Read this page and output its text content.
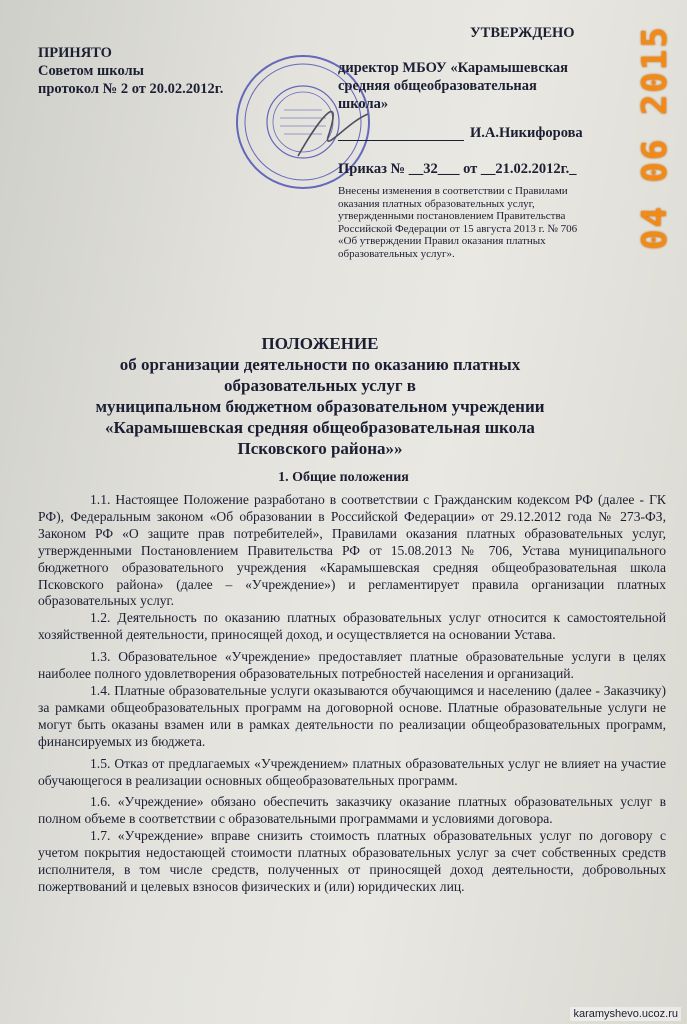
ПРИНЯТО
Советом школы
протокол № 2 от 20.02.2012г.
УТВЕРЖДЕНО
директор МБОУ «Карамышевская
средняя общеобразовательная
школа»
И.А.Никифорова
Приказ № __32___ от __21.02.2012г._
Внесены изменения в соответствии с Правилами
оказания платных образовательных услуг,
утвержденными постановлением Правительства
Российской Федерации от 15 августа 2013 г. № 706
«Об утверждении Правил оказания платных
образовательных услуг».
ПОЛОЖЕНИЕ
об организации деятельности по оказанию платных
образовательных услуг в
муниципальном бюджетном образовательном учреждении
«Карамышевская средняя общеобразовательная школа
Псковского района»»
1. Общие положения

1.1. Настоящее Положение разработано в соответствии с Гражданским кодексом РФ (далее - ГК РФ), Федеральным законом «Об образовании в Российской Федерации» от 29.12.2012 года № 273-ФЗ, Законом РФ «О защите прав потребителей», Правилами оказания платных образовательных услуг, утвержденными Постановлением Правительства РФ от 15.08.2013 № 706, Устава муниципального бюджетного образовательного учреждения «Карамышевская средняя общеобразовательная школа Псковского района» (далее – «Учреждение») и регламентирует правила организации платных образовательных услуг.

1.2. Деятельность по оказанию платных образовательных услуг относится к самостоятельной хозяйственной деятельности, приносящей доход, и осуществляется на основании Устава.

1.3. Образовательное «Учреждение» предоставляет платные образовательные услуги в целях наиболее полного удовлетворения образовательных потребностей населения и организаций.

1.4. Платные образовательные услуги оказываются обучающимся и населению (далее - Заказчику) за рамками общеобразовательных программ на договорной основе. Платные образовательные услуги не могут быть оказаны взамен или в рамках деятельности по реализации общеобразовательных программ, финансируемых из бюджета.

1.5. Отказ от предлагаемых «Учреждением» платных образовательных услуг не влияет на участие обучающегося в реализации основных общеобразовательных программ.

1.6. «Учреждение» обязано обеспечить заказчику оказание платных образовательных услуг в полном объеме в соответствии с образовательными программами и условиями договора.

1.7. «Учреждение» вправе снизить стоимость платных образовательных услуг по договору с учетом покрытия недостающей стоимости платных образовательных услуг за счет собственных средств исполнителя, в том числе средств, полученных от приносящей доход деятельности, добровольных пожертвований и целевых взносов физических и (или) юридических лиц.

04 06 2015
karamyshevo.ucoz.ru
